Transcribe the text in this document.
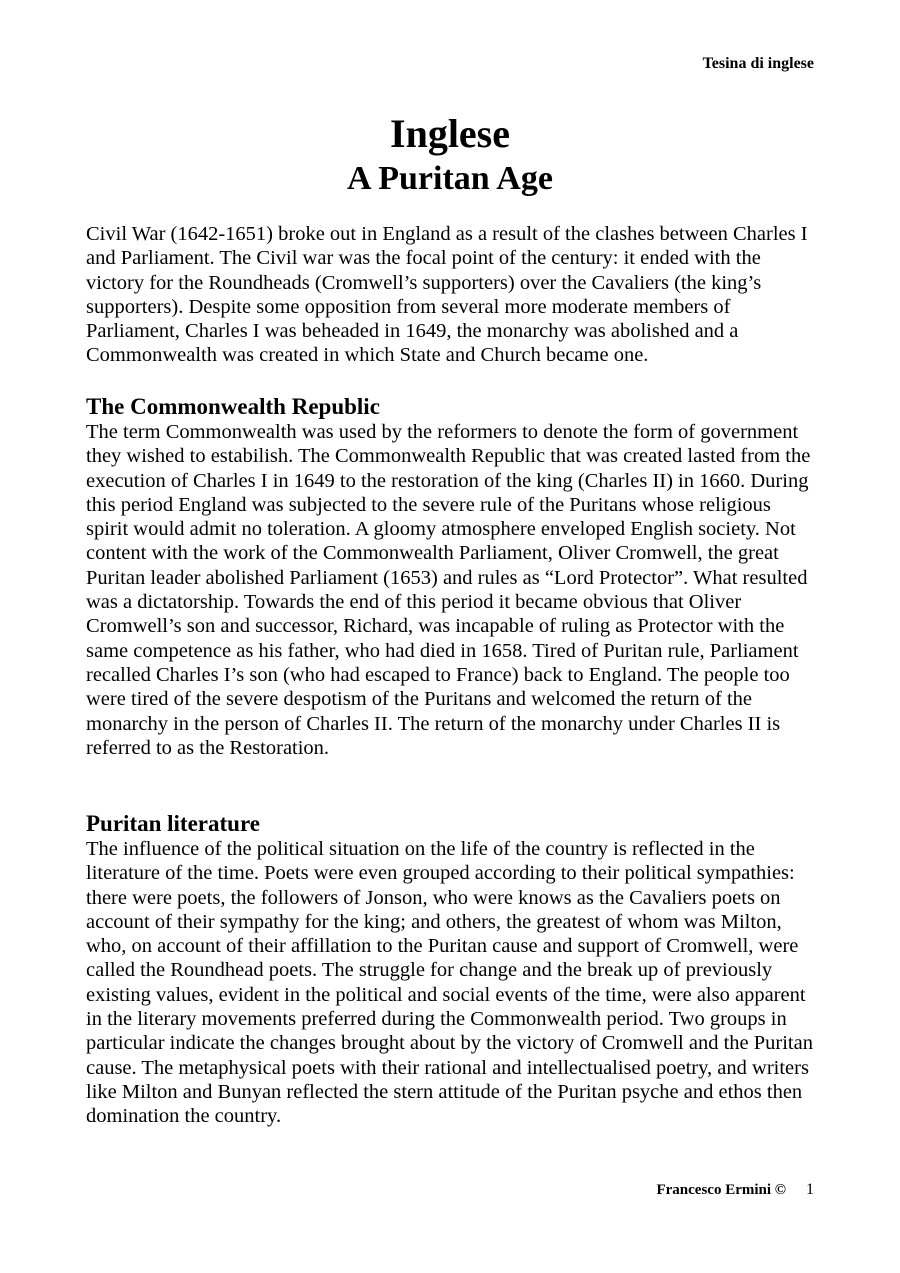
Tesina di inglese
Inglese
A Puritan Age

Civil War (1642-1651) broke out in England as a result of the clashes between Charles I and Parliament. The Civil war was the focal point of the century: it ended with the victory for the Roundheads (Cromwell’s supporters) over the Cavaliers (the king’s supporters). Despite some opposition from several more moderate members of Parliament, Charles I was beheaded in 1649, the monarchy was abolished and a Commonwealth was created in which State and Church became one.

The Commonwealth Republic

The term Commonwealth was used by the reformers to denote the form of government they wished to estabilish. The Commonwealth Republic that was created lasted from the execution of Charles I in 1649 to the restoration of the king (Charles II) in 1660. During this period England was subjected to the severe rule of the Puritans whose religious spirit would admit no toleration. A gloomy atmosphere enveloped English society. Not content with the work of the Commonwealth Parliament, Oliver Cromwell, the great Puritan leader abolished Parliament (1653) and rules as “Lord Protector”. What resulted was a dictatorship. Towards the end of this period it became obvious that Oliver Cromwell’s son and successor, Richard, was incapable of ruling as Protector with the same competence as his father, who had died in 1658. Tired of Puritan rule, Parliament recalled Charles I’s son (who had escaped to France) back to England. The people too were tired of the severe despotism of the Puritans and welcomed the return of the monarchy in the person of Charles II. The return of the monarchy under Charles II is referred to as the Restoration.

Puritan literature

The influence of the political situation on the life of the country is reflected in the literature of the time. Poets were even grouped according to their political sympathies: there were poets, the followers of Jonson, who were knows as the Cavaliers poets on account of their sympathy for the king; and others, the greatest of whom was Milton, who, on account of their affillation to the Puritan cause and support of Cromwell, were called the Roundhead poets. The struggle for change and the break up of previously existing values, evident in the political and social events of the time, were also apparent in the literary movements preferred during the Commonwealth period. Two groups in particular indicate the changes brought about by the victory of Cromwell and the Puritan cause. The metaphysical poets with their rational and intellectualised poetry, and writers like Milton and Bunyan reflected the stern attitude of the Puritan psyche and ethos then domination the country.

Francesco Ermini © 1
